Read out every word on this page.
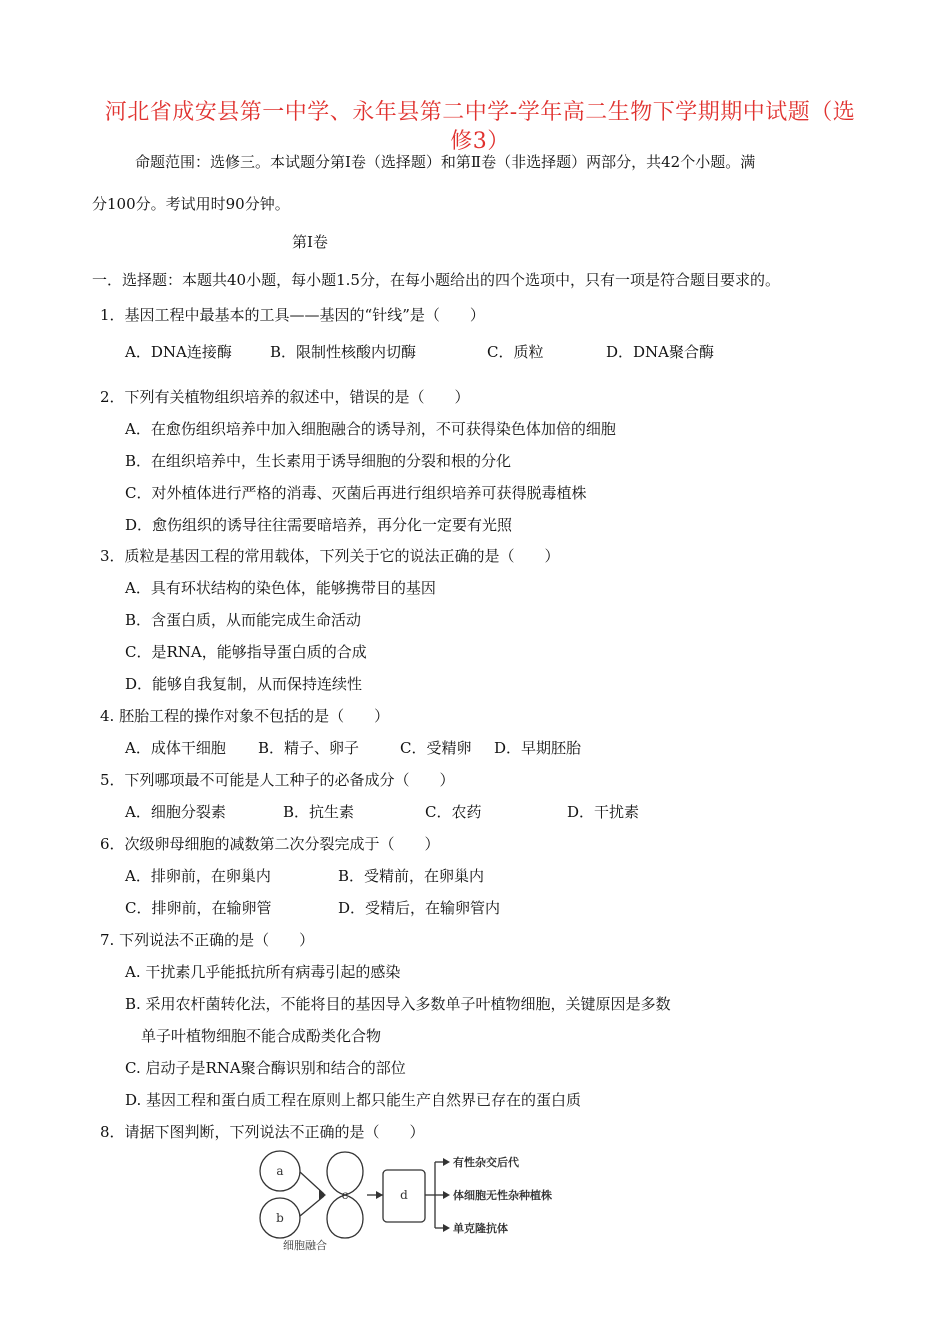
河北省成安县第一中学、永年县第二中学-学年高二生物下学期期中试题（选修3）
命题范围：选修三。本试题分第Ⅰ卷（选择题）和第Ⅱ卷（非选择题）两部分，共42个小题。满
分100分。考试用时90分钟。
第Ⅰ卷
一．选择题：本题共40小题，每小题1.5分，在每小题给出的四个选项中，只有一项是符合题目要求的。
1．基因工程中最基本的工具——基因的“针线”是（　　）
A．DNA连接酶	B．限制性核酸内切酶	C．质粒	D．DNA聚合酶
2．下列有关植物组织培养的叙述中，错误的是（　　）
A．在愈伤组织培养中加入细胞融合的诱导剂，不可获得染色体加倍的细胞
B．在组织培养中，生长素用于诱导细胞的分裂和根的分化
C．对外植体进行严格的消毒、灭菌后再进行组织培养可获得脱毒植株
D．愈伤组织的诱导往往需要暗培养，再分化一定要有光照
3．质粒是基因工程的常用载体，下列关于它的说法正确的是（　　）
A．具有环状结构的染色体，能够携带目的基因
B．含蛋白质，从而能完成生命活动
C．是RNA，能够指导蛋白质的合成
D．能够自我复制，从而保持连续性
4. 胚胎工程的操作对象不包括的是（　　）
A．成体干细胞 B．精子、卵子	C．受精卵 D．早期胚胎
5．下列哪项最不可能是人工种子的必备成分（　　）
A．细胞分裂素	B．抗生素	C．农药	D．干扰素
6．次级卵母细胞的减数第二次分裂完成于（　　）
A．排卵前，在卵巢内	B．受精前，在卵巢内
C．排卵前，在输卵管	D．受精后，在输卵管内
7. 下列说法不正确的是（　　）
A. 干扰素几乎能抵抗所有病毒引起的感染
B. 采用农杆菌转化法，不能将目的基因导入多数单子叶植物细胞，关键原因是多数
单子叶植物细胞不能合成酚类化合物
C. 启动子是RNA聚合酶识别和结合的部位
D. 基因工程和蛋白质工程在原则上都只能生产自然界已存在的蛋白质
8．请据下图判断，下列说法不正确的是（　　）
a
b
c	d
细胞融合
有性杂交后代
体细胞无性杂种植株
单克隆抗体
